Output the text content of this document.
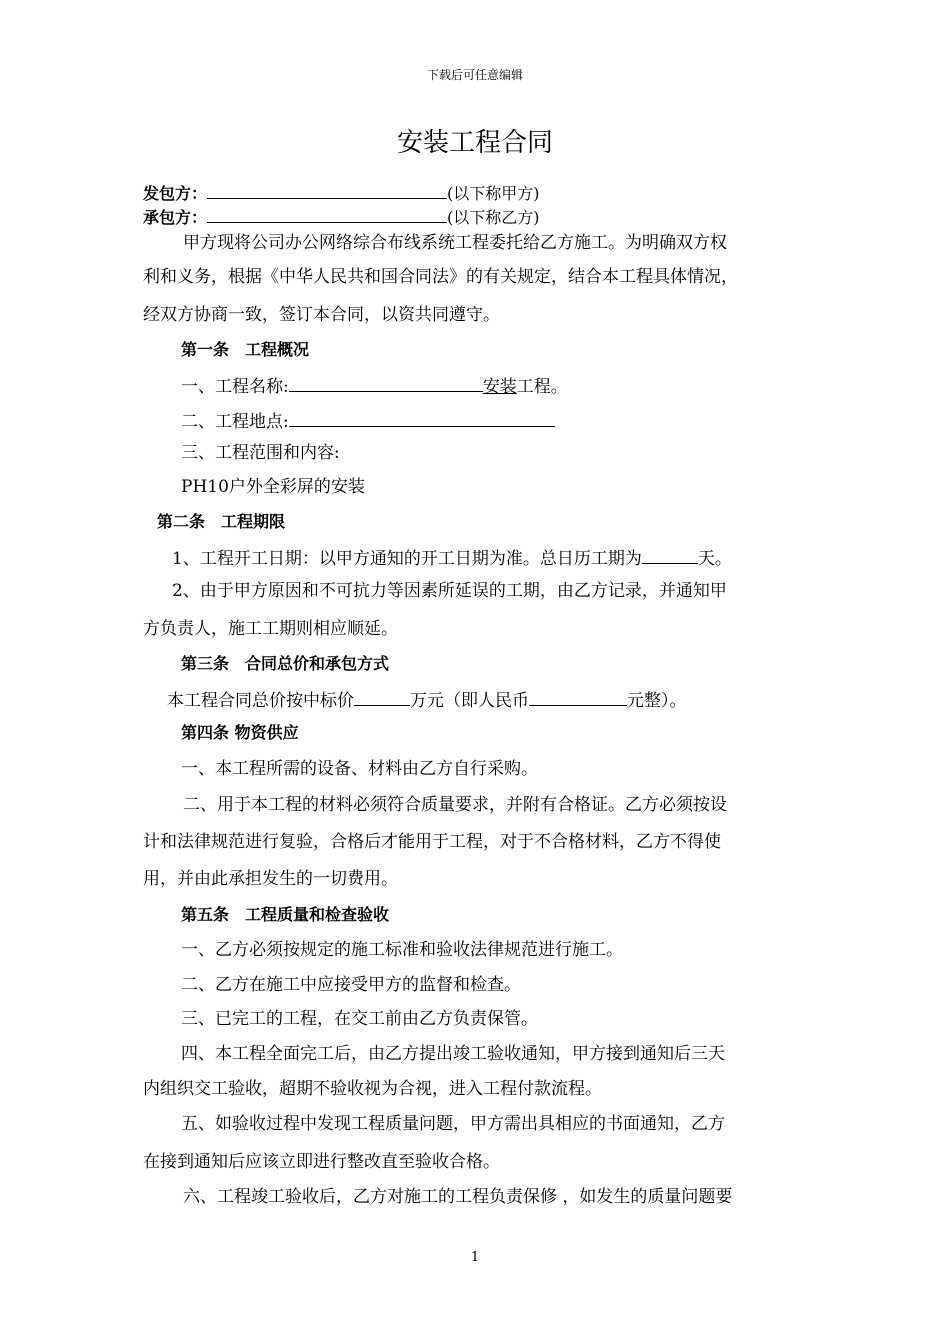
下载后可任意编辑
安装工程合同
发包方：	(以下称甲方)
承包方：	(以下称乙方)
甲方现将公司办公网络综合布线系统工程委托给乙方施工。为明确双方权
利和义务，根据《中华人民共和国合同法》的有关规定，结合本工程具体情况，
经双方协商一致，签订本合同，以资共同遵守。
第一条　工程概况
一、工程名称:	安装工程。
二、工程地点:
三、工程范围和内容:
PH10户外全彩屏的安装
第二条　工程期限
1、工程开工日期：以甲方通知的开工日期为准。总日历工期为	天。
2、由于甲方原因和不可抗力等因素所延误的工期，由乙方记录，并通知甲
方负责人，施工工期则相应顺延。
第三条　合同总价和承包方式
本工程合同总价按中标价	万元（即人民币	元整）。
第四条 物资供应
一、本工程所需的设备、材料由乙方自行采购。
二、用于本工程的材料必须符合质量要求，并附有合格证。乙方必须按设
计和法律规范进行复验，合格后才能用于工程，对于不合格材料，乙方不得使
用，并由此承担发生的一切费用。
第五条　工程质量和检查验收
一、乙方必须按规定的施工标准和验收法律规范进行施工。
二、乙方在施工中应接受甲方的监督和检查。
三、已完工的工程，在交工前由乙方负责保管。
四、本工程全面完工后，由乙方提出竣工验收通知，甲方接到通知后三天
内组织交工验收，超期不验收视为合视，进入工程付款流程。
五、如验收过程中发现工程质量问题，甲方需出具相应的书面通知，乙方
在接到通知后应该立即进行整改直至验收合格。
六、工程竣工验收后，乙方对施工的工程负责保修 ，如发生的质量问题要
1
